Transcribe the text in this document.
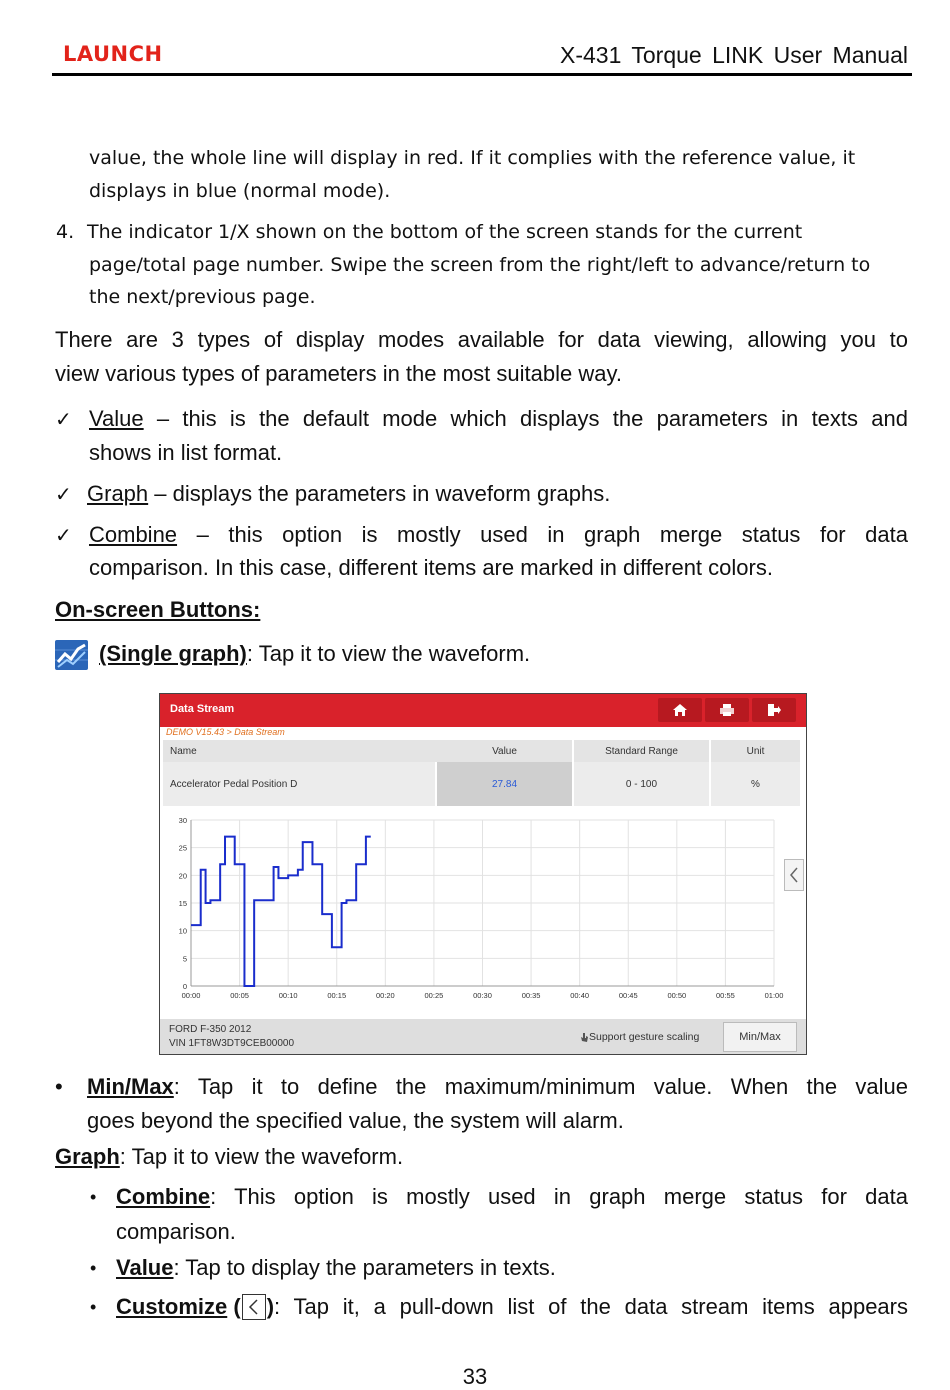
LAUNCH	X-431 Torque LINK User Manual
value, the whole line will display in red. If it complies with the reference value, it
displays in blue (normal mode).
4. The indicator 1/X shown on the bottom of the screen stands for the current
page/total page number. Swipe the screen from the right/left to advance/return to
the next/previous page.
There are 3 types of display modes available for data viewing, allowing you to
view various types of parameters in the most suitable way.
✓ Value – this is the default mode which displays the parameters in texts and
shows in list format.
✓ Graph – displays the parameters in waveform graphs.
✓ Combine – this option is mostly used in graph merge status for data
comparison. In this case, different items are marked in different colors.
On-screen Buttons:
(Single graph): Tap it to view the waveform.
Data Stream
DEMO V15.43 > Data Stream
Name	Value	Standard Range	Unit
Accelerator Pedal Position D	27.84	0 - 100	%
0
5
10
15
20
25
30
00:00	00:05	00:10	00:15	00:20	00:25	00:30	00:35	00:40	00:45	00:50	00:55	01:00
FORD F-350 2012
VIN 1FT8W3DT9CEB00000
Support gesture scaling	Min/Max
• Min/Max: Tap it to define the maximum/minimum value. When the value
goes beyond the specified value, the system will alarm.
Graph: Tap it to view the waveform.
• Combine: This option is mostly used in graph merge status for data
comparison.
• Value: Tap to display the parameters in texts.
• Customize ( ) : Tap it, a pull-down list of the data stream items appears
33
